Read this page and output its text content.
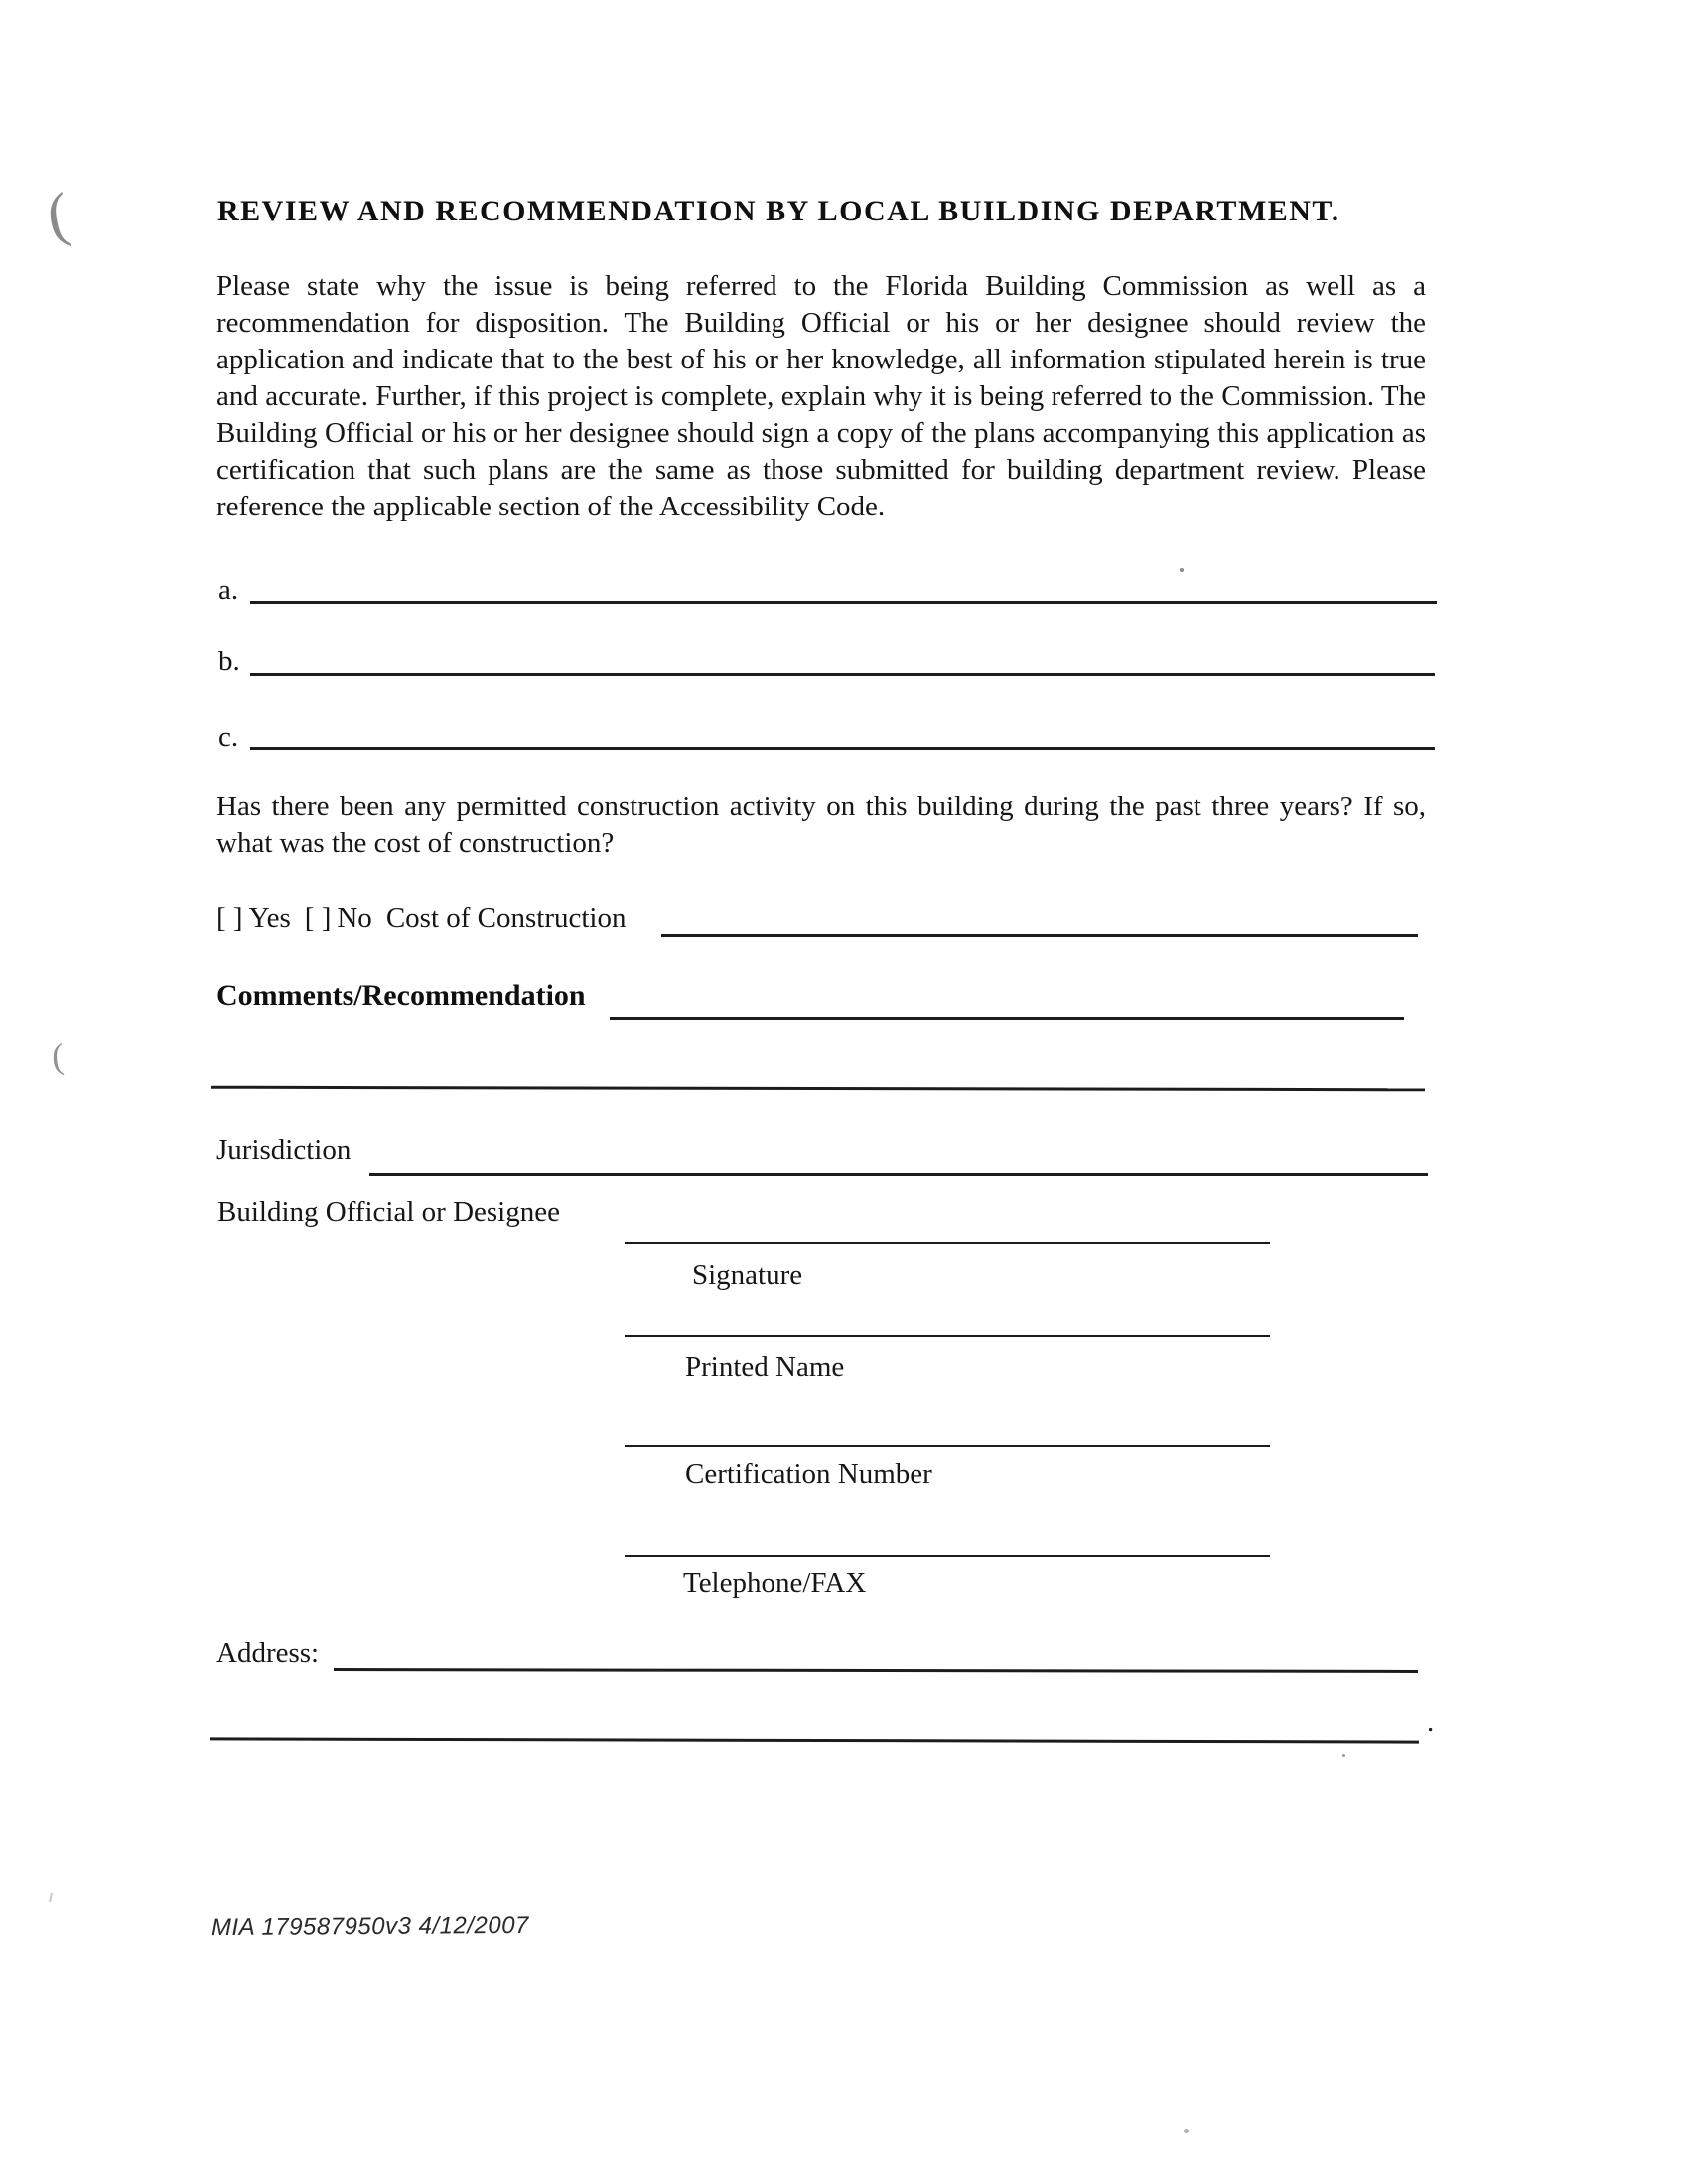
(
(
REVIEW AND RECOMMENDATION BY LOCAL BUILDING DEPARTMENT.
Please state why the issue is being referred to the Florida Building Commission as well as a recommendation for disposition. The Building Official or his or her designee should review the application and indicate that to the best of his or her knowledge, all information stipulated herein is true and accurate. Further, if this project is complete, explain why it is being referred to the Commission. The Building Official or his or her designee should sign a copy of the plans accompanying this application as certification that such plans are the same as those submitted for building department review. Please reference the applicable section of the Accessibility Code.
a.
b.
c.
Has there been any permitted construction activity on this building during the past three years? If so, what was the cost of construction?
[ ] Yes [ ] No Cost of Construction
Comments/Recommendation
Jurisdiction
Building Official or Designee
Signature
Printed Name
Certification Number
Telephone/FAX
Address:
.
MIA 179587950v3 4/12/2007
